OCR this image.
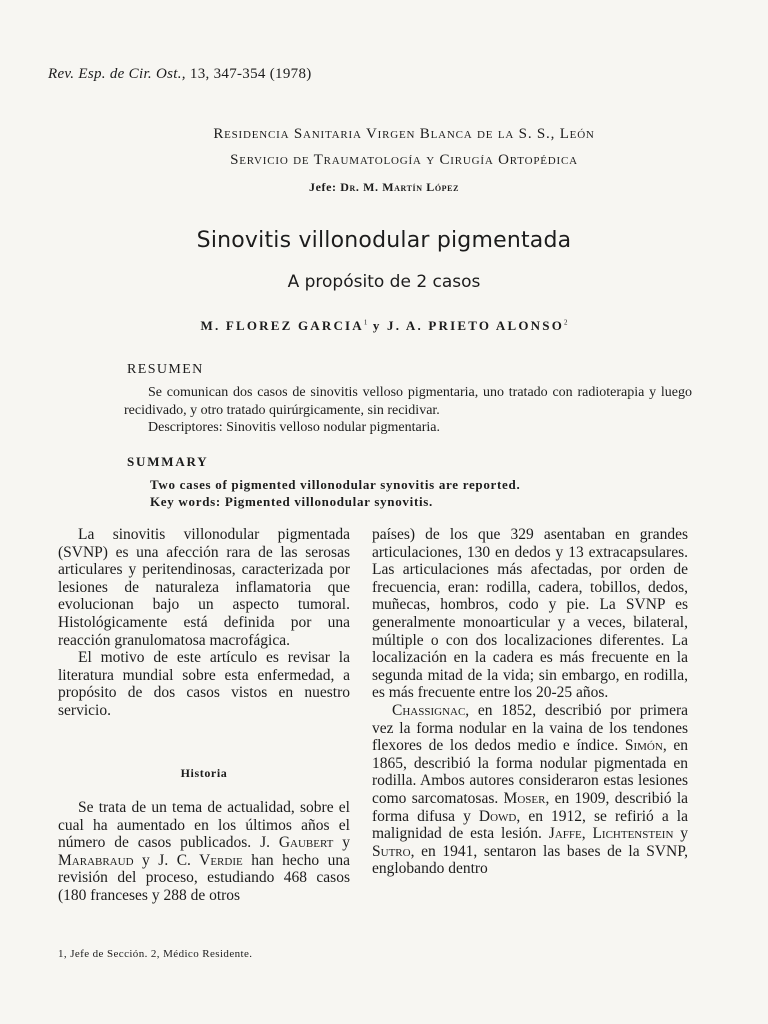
Rev. Esp. de Cir. Ost., 13, 347-354 (1978)
Residencia Sanitaria Virgen Blanca de la S. S., León
Servicio de Traumatología y Cirugía Ortopédica
Jefe: Dr. M. Martín López
Sinovitis villonodular pigmentada
A propósito de 2 casos
M. FLOREZ GARCIA$^1$ y J. A. PRIETO ALONSO$^2$
RESUMEN

Se comunican dos casos de sinovitis velloso pigmentaria, uno tratado con radioterapia y luego recidivado, y otro tratado quirúrgicamente, sin recidivar.

Descriptores: Sinovitis velloso nodular pigmentaria.

SUMMARY

Two cases of pigmented villonodular synovitis are reported.

Key words: Pigmented villonodular synovitis.

La sinovitis villonodular pigmentada (SVNP) es una afección rara de las serosas articulares y peritendinosas, caracterizada por lesiones de naturaleza inflamatoria que evolucionan bajo un aspecto tumoral. Histológicamente está definida por una reacción granulomatosa macrofágica.

El motivo de este artículo es revisar la literatura mundial sobre esta enfermedad, a propósito de dos casos vistos en nuestro servicio.

Historia

Se trata de un tema de actualidad, sobre el cual ha aumentado en los últimos años el número de casos publicados. J. Gaubert y Marabraud y J. C. Verdie han hecho una revisión del proceso, estudiando 468 casos (180 franceses y 288 de otros

países) de los que 329 asentaban en grandes articulaciones, 130 en dedos y 13 extracapsulares. Las articulaciones más afectadas, por orden de frecuencia, eran: rodilla, cadera, tobillos, dedos, muñecas, hombros, codo y pie. La SVNP es generalmente monoarticular y a veces, bilateral, múltiple o con dos localizaciones diferentes. La localización en la cadera es más frecuente en la segunda mitad de la vida; sin embargo, en rodilla, es más frecuente entre los 20-25 años.

Chassignac, en 1852, describió por primera vez la forma nodular en la vaina de los tendones flexores de los dedos medio e índice. Simón, en 1865, describió la forma nodular pigmentada en rodilla. Ambos autores consideraron estas lesiones como sarcomatosas. Moser, en 1909, describió la forma difusa y Dowd, en 1912, se refirió a la malignidad de esta lesión. Jaffe, Lichtenstein y Sutro, en 1941, sentaron las bases de la SVNP, englobando dentro

1, Jefe de Sección. 2, Médico Residente.
